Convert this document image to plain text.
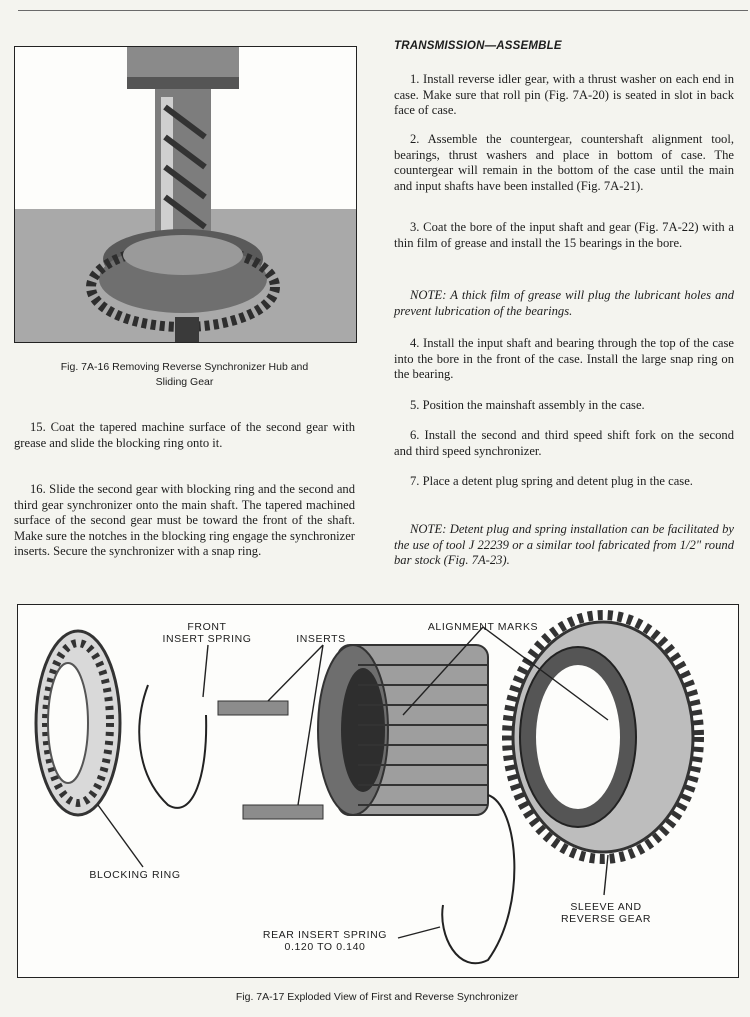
Fig. 7A-16 Removing Reverse Synchronizer Hub and
Sliding Gear

15. Coat the tapered machine surface of the second gear with grease and slide the blocking ring onto it.

16. Slide the second gear with blocking ring and the second and third gear synchronizer onto the main shaft. The tapered machined surface of the second gear must be toward the front of the shaft. Make sure the notches in the blocking ring engage the synchronizer inserts. Secure the synchronizer with a snap ring.

TRANSMISSION—ASSEMBLE

1. Install reverse idler gear, with a thrust washer on each end in case. Make sure that roll pin (Fig. 7A-20) is seated in slot in back face of case.

2. Assemble the countergear, countershaft alignment tool, bearings, thrust washers and place in bottom of case. The countergear will remain in the bottom of the case until the main and input shafts have been installed (Fig. 7A-21).

3. Coat the bore of the input shaft and gear (Fig. 7A-22) with a thin film of grease and install the 15 bearings in the bore.

NOTE: A thick film of grease will plug the lubricant holes and prevent lubrication of the bearings.

4. Install the input shaft and bearing through the top of the case into the bore in the front of the case. Install the large snap ring on the bearing.

5. Position the mainshaft assembly in the case.

6. Install the second and third speed shift fork on the second and third speed synchronizer.

7. Place a detent plug spring and detent plug in the case.

NOTE: Detent plug and spring installation can be facilitated by the use of tool J 22239 or a similar tool fabricated from 1/2" round bar stock (Fig. 7A-23).

FRONT
INSERT SPRING	INSERTS
ALIGNMENT MARKS
BLOCKING RING
SLEEVE AND
REVERSE GEAR
REAR INSERT SPRING
0.120 TO 0.140
Fig. 7A-17 Exploded View of First and Reverse Synchronizer
